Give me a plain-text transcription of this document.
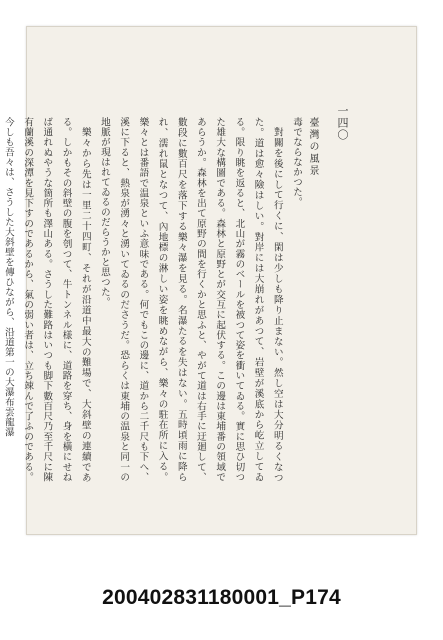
一四〇
臺灣の風景

毒でならなかつた。

對關を後にして行くに、閑は少しも降り止まない。然し空は大分明るくなつた。道は愈々險はしい。對岸には大崩れがあつて、岩壁が溪底から屹立してゐる。限り眺を返ると、北山が霧のベールを被つて姿を衝いてゐる。實に思ひ切つた雄大な構圖である。森林と原野とが交互に起伏する。この邊は東埔番の領域であらうか。森林を出て原野の間を行くかと思ふと、やがて道は右手に迂廻して、數段に數百尺を落下する樂々瀑を見る。名瀑たるを失はない。五時頃雨に降られ、濡れ鼠となつて、內地標の淋しい姿を眺めながら、樂々の駐在所に入る。樂々とは番語で温泉といふ意味である。何でもこの邊に、道から二千尺も下へ、溪に下ると、熱泉が湧々と湧いてゐるのださうだ。恐らくは東埔の温泉と同一の地脈が現はれてゐるのだらうかと思つた。

樂々から先は一里二十四町、それが沿道中最大の難場で、大斜壁の連續である。しかもその斜壁の腹を刳つて、牛トンネル様に、道路を穿ち、身を橫にせねば通れぬやうな箇所も澤山ある。さうした難路はいつも脚下數百尺乃至千尺に陳有蘭溪の深潭を見下すのであるから、氣の弱い者は、立ち竦んで了ふのである。今しも吾々は、さうした大斜壁を傳ひながら、沿道第一の大瀑布雲龍瀑

200402831180001_P174
